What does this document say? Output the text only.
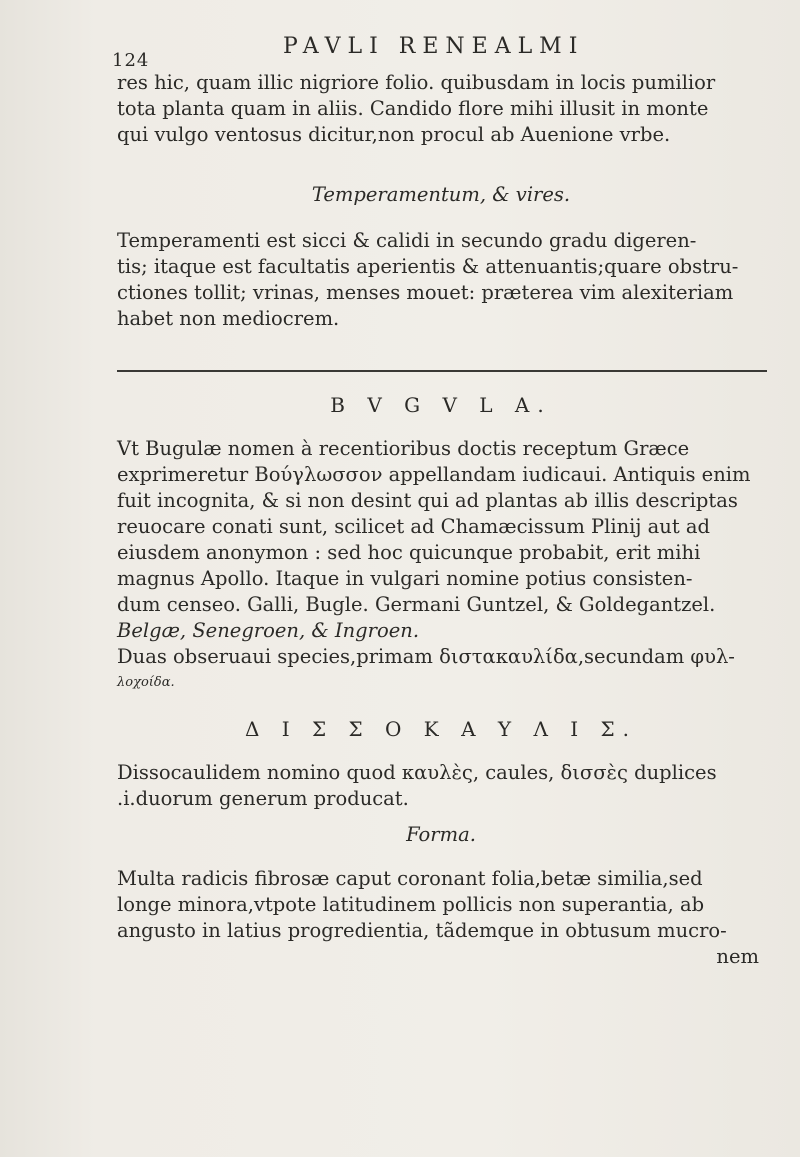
124
PAVLI RENEALMI
res hic, quam illic nigriore folio. quibusdam in locis pumilior
tota planta quam in aliis. Candido flore mihi illusit in monte
qui vulgo ventosus dicitur,non procul ab Auenione vrbe.
Temperamentum, & vires.
Temperamenti est sicci & calidi in secundo gradu digeren-
tis; itaque est facultatis aperientis & attenuantis;quare obstru-
ctiones tollit; vrinas, menses mouet: præterea vim alexiteriam
habet non mediocrem.
B V G V L A.
Vt Bugulæ nomen à recentioribus doctis receptum Græce
exprimeretur Βούγλωσσον appellandam iudicaui. Antiquis enim
fuit incognita, & si non desint qui ad plantas ab illis descriptas
reuocare conati sunt, scilicet ad Chamæcissum Plinij aut ad
eiusdem anonymon : sed hoc quicunque probabit, erit mihi
magnus Apollo. Itaque in vulgari nomine potius consisten-
dum censeo. Galli, Bugle. Germani Guntzel, & Goldegantzel.
Belgæ, Senegroen, & Ingroen.
Duas obseruaui species,primam διστακαυλίδα,secundam φυλ-
λοχοίδα.
Δ Ι Σ Σ Ο Κ Α Υ Λ Ι Σ.
Dissocaulidem nomino quod καυλὲς, caules, δισσὲς duplices
.i.duorum generum producat.
Forma.
Multa radicis fibrosæ caput coronant folia,betæ similia,sed
longe minora,vtpote latitudinem pollicis non superantia, ab
angusto in latius progredientia, tãdemque in obtusum mucro-
nem
